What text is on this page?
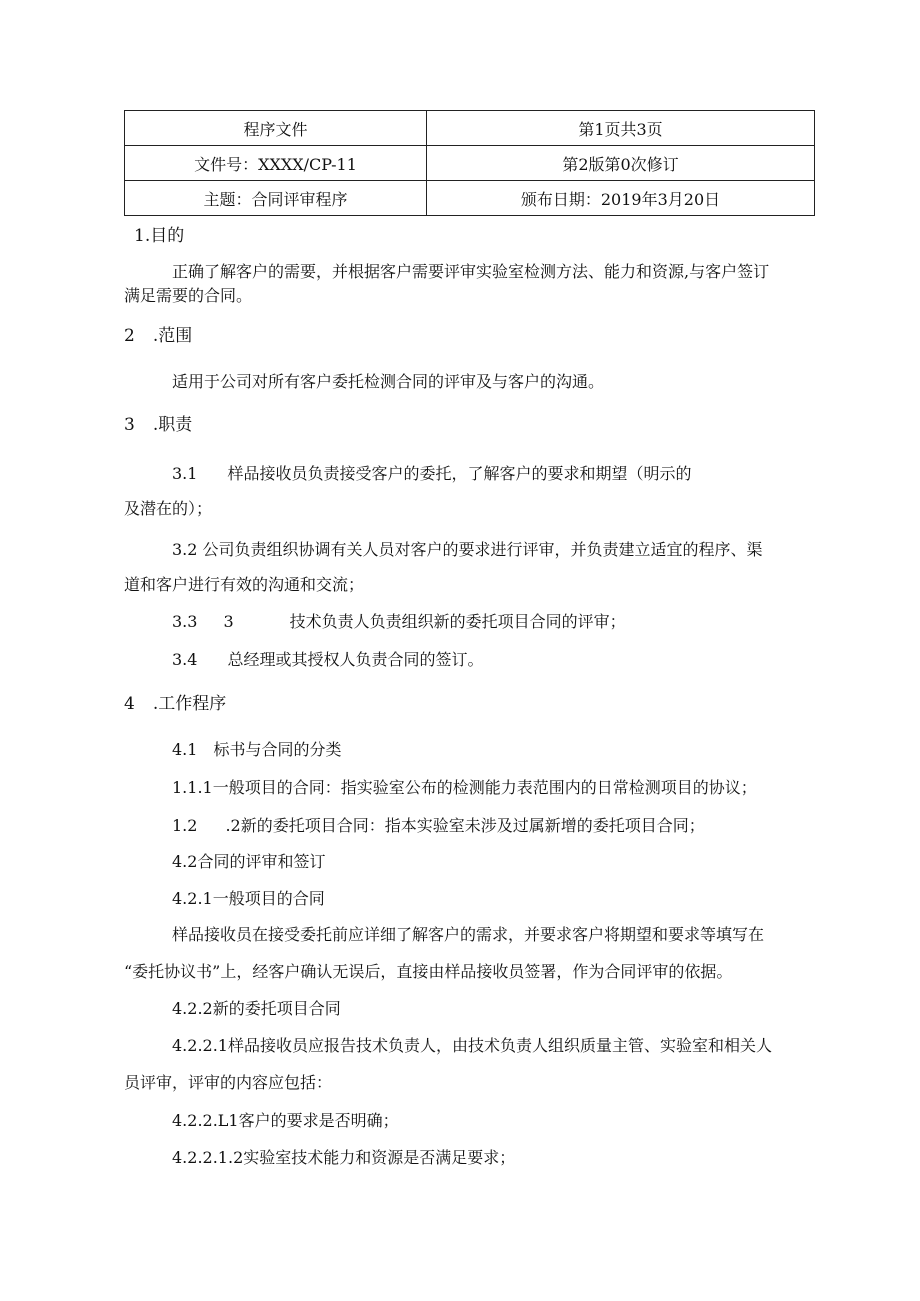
程序文件	第1页共3页
文件号：XXXX/CP-11	第2版第0次修订
主题：合同评审程序	颁布日期：2019年3月20日
1.目的
正确了解客户的需要，并根据客户需要评审实验室检测方法、能力和资源,与客户签订
满足需要的合同。
2 .范围
适用于公司对所有客户委托检测合同的评审及与客户的沟通。
3 .职责
3.1 样品接收员负责接受客户的委托，了解客户的要求和期望（明示的
及潜在的）；
3.2 公司负责组织协调有关人员对客户的要求进行评审，并负责建立适宜的程序、渠
道和客户进行有效的沟通和交流；
3.3 3	技术负责人负责组织新的委托项目合同的评审；
3.4 总经理或其授权人负责合同的签订。
4 .工作程序
4.1 标书与合同的分类
1.1.1一般项目的合同：指实验室公布的检测能力表范围内的日常检测项目的协议；
1.2 .2新的委托项目合同：指本实验室未涉及过属新增的委托项目合同；
4.2合同的评审和签订
4.2.1一般项目的合同
样品接收员在接受委托前应详细了解客户的需求，并要求客户将期望和要求等填写在
“委托协议书”上，经客户确认无误后，直接由样品接收员签署，作为合同评审的依据。
4.2.2新的委托项目合同
4.2.2.1样品接收员应报告技术负责人，由技术负责人组织质量主管、实验室和相关人
员评审，评审的内容应包括：
4.2.2.L1客户的要求是否明确；
4.2.2.1.2实验室技术能力和资源是否满足要求；
